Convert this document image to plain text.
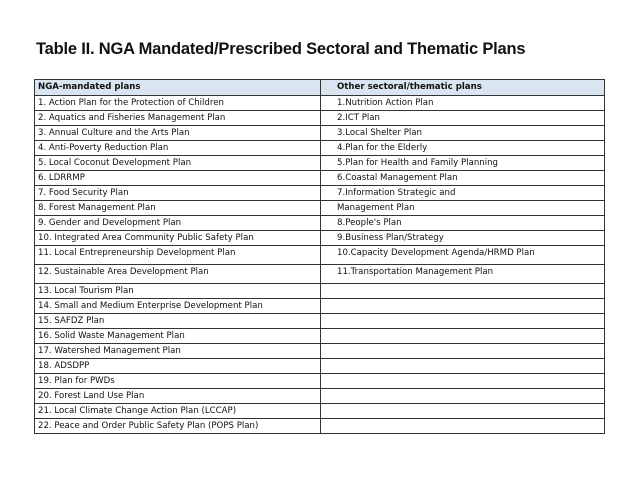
Table II. NGA Mandated/Prescribed Sectoral and Thematic Plans
NGA-mandated plans	Other sectoral/thematic plans
1. Action Plan for the Protection of Children	1.Nutrition Action Plan
2. Aquatics and Fisheries Management Plan	2.ICT Plan
3. Annual Culture and the Arts Plan	3.Local Shelter Plan
4. Anti-Poverty Reduction Plan	4.Plan for the Elderly
5. Local Coconut Development Plan	5.Plan for Health and Family Planning
6. LDRRMP	6.Coastal Management Plan
7. Food Security Plan	7.Information Strategic and
8. Forest Management Plan	Management Plan
9. Gender and Development Plan	8.People's Plan
10. Integrated Area Community Public Safety Plan	9.Business Plan/Strategy
11. Local Entrepreneurship Development Plan	10.Capacity Development Agenda/HRMD Plan
12. Sustainable Area Development Plan	11.Transportation Management Plan
13. Local Tourism Plan	
14. Small and Medium Enterprise Development Plan	
15. SAFDZ Plan	
16. Solid Waste Management Plan	
17. Watershed Management Plan	
18. ADSDPP	
19. Plan for PWDs	
20. Forest Land Use Plan	
21. Local Climate Change Action Plan (LCCAP)	
22. Peace and Order Public Safety Plan (POPS Plan)	
